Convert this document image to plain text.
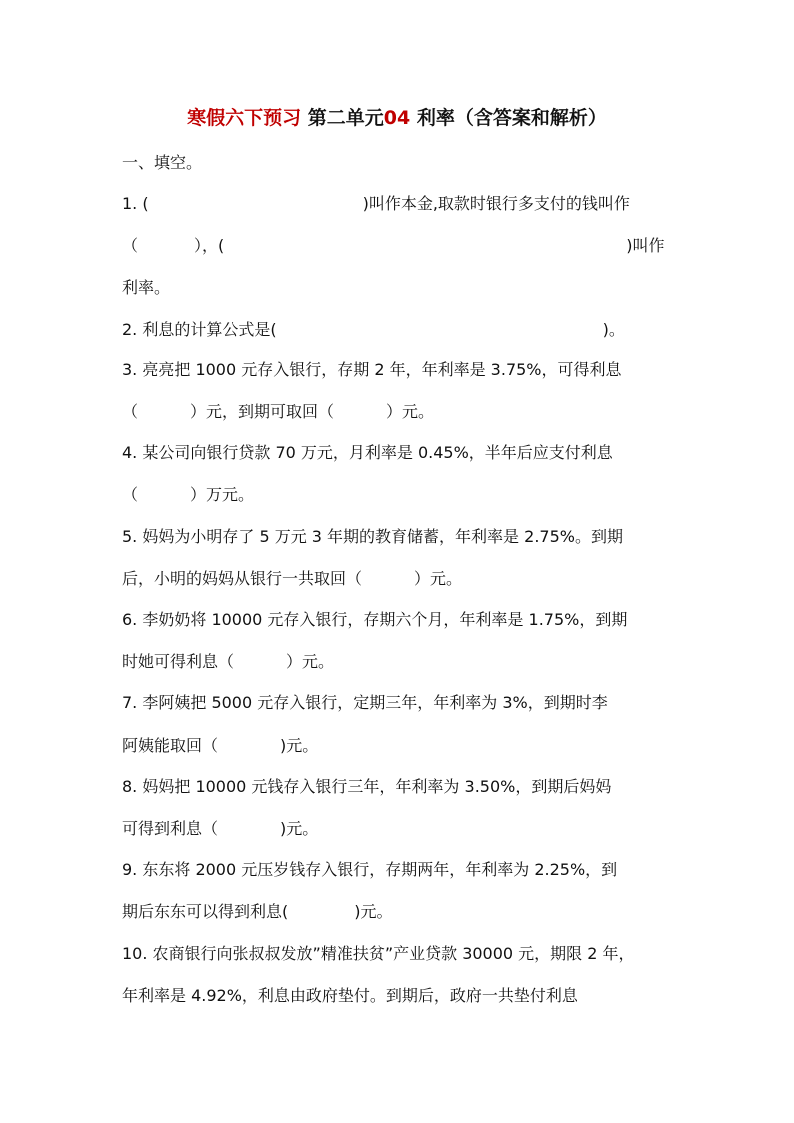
寒假六下预习 第二单元04 利率（含答案和解析）
一、填空。
1. (	)叫作本金,取款时银行多支付的钱叫作
（	），(	)叫作
利率。
2. 利息的计算公式是(	)。
3. 亮亮把 1000 元存入银行，存期 2 年，年利率是 3.75%，可得利息
（	）元，到期可取回（	）元。
4. 某公司向银行贷款 70 万元，月利率是 0.45%，半年后应支付利息
（	）万元。
5. 妈妈为小明存了 5 万元 3 年期的教育储蓄，年利率是 2.75%。到期
后，小明的妈妈从银行一共取回（	）元。
6. 李奶奶将 10000 元存入银行，存期六个月，年利率是 1.75%，到期
时她可得利息（	）元。
7. 李阿姨把 5000 元存入银行，定期三年，年利率为 3%，到期时李
阿姨能取回（	)元。
8. 妈妈把 10000 元钱存入银行三年，年利率为 3.50%，到期后妈妈
可得到利息（	)元。
9. 东东将 2000 元压岁钱存入银行，存期两年，年利率为 2.25%，到
期后东东可以得到利息(	)元。
10. 农商银行向张叔叔发放”精准扶贫”产业贷款 30000 元，期限 2 年，
年利率是 4.92%，利息由政府垫付。到期后，政府一共垫付利息
